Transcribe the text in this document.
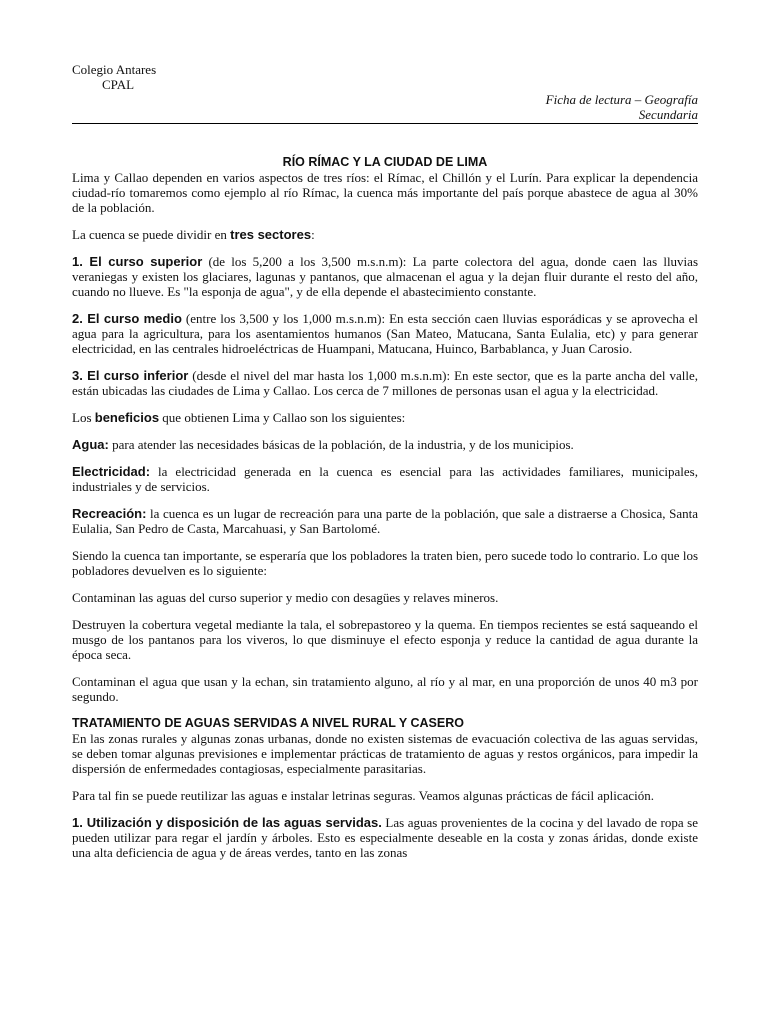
Colegio Antares
CPAL
Ficha de lectura – Geografía
Secundaria
RÍO RÍMAC Y LA CIUDAD DE LIMA

Lima y Callao dependen en varios aspectos de tres ríos: el Rímac, el Chillón y el Lurín. Para explicar la dependencia ciudad-río tomaremos como ejemplo al río Rímac, la cuenca más importante del país porque abastece de agua al 30% de la población.

La cuenca se puede dividir en tres sectores:

1. El curso superior (de los 5,200 a los 3,500 m.s.n.m): La parte colectora del agua, donde caen las lluvias veraniegas y existen los glaciares, lagunas y pantanos, que almacenan el agua y la dejan fluir durante el resto del año, cuando no llueve. Es "la esponja de agua", y de ella depende el abastecimiento constante.

2. El curso medio (entre los 3,500 y los 1,000 m.s.n.m): En esta sección caen lluvias esporádicas y se aprovecha el agua para la agricultura, para los asentamientos humanos (San Mateo, Matucana, Santa Eulalia, etc) y para generar electricidad, en las centrales hidroeléctricas de Huampani, Matucana, Huinco, Barbablanca, y Juan Carosio.

3. El curso inferior (desde el nivel del mar hasta los 1,000 m.s.n.m): En este sector, que es la parte ancha del valle, están ubicadas las ciudades de Lima y Callao. Los cerca de 7 millones de personas usan el agua y la electricidad.

Los beneficios que obtienen Lima y Callao son los siguientes:

Agua: para atender las necesidades básicas de la población, de la industria, y de los municipios.

Electricidad: la electricidad generada en la cuenca es esencial para las actividades familiares, municipales, industriales y de servicios.

Recreación: la cuenca es un lugar de recreación para una parte de la población, que sale a distraerse a Chosica, Santa Eulalia, San Pedro de Casta, Marcahuasi, y San Bartolomé.

Siendo la cuenca tan importante, se esperaría que los pobladores la traten bien, pero sucede todo lo contrario. Lo que los pobladores devuelven es lo siguiente:

Contaminan las aguas del curso superior y medio con desagües y relaves mineros.

Destruyen la cobertura vegetal mediante la tala, el sobrepastoreo y la quema. En tiempos recientes se está saqueando el musgo de los pantanos para los viveros, lo que disminuye el efecto esponja y reduce la cantidad de agua durante la época seca.

Contaminan el agua que usan y la echan, sin tratamiento alguno, al río y al mar, en una proporción de unos 40 m3 por segundo.

TRATAMIENTO DE AGUAS SERVIDAS A NIVEL RURAL Y CASERO

En las zonas rurales y algunas zonas urbanas, donde no existen sistemas de evacuación colectiva de las aguas servidas, se deben tomar algunas previsiones e implementar prácticas de tratamiento de aguas y restos orgánicos, para impedir la dispersión de enfermedades contagiosas, especialmente parasitarias.

Para tal fin se puede reutilizar las aguas e instalar letrinas seguras. Veamos algunas prácticas de fácil aplicación.

1. Utilización y disposición de las aguas servidas. Las aguas provenientes de la cocina y del lavado de ropa se pueden utilizar para regar el jardín y árboles. Esto es especialmente deseable en la costa y zonas áridas, donde existe una alta deficiencia de agua y de áreas verdes, tanto en las zonas
